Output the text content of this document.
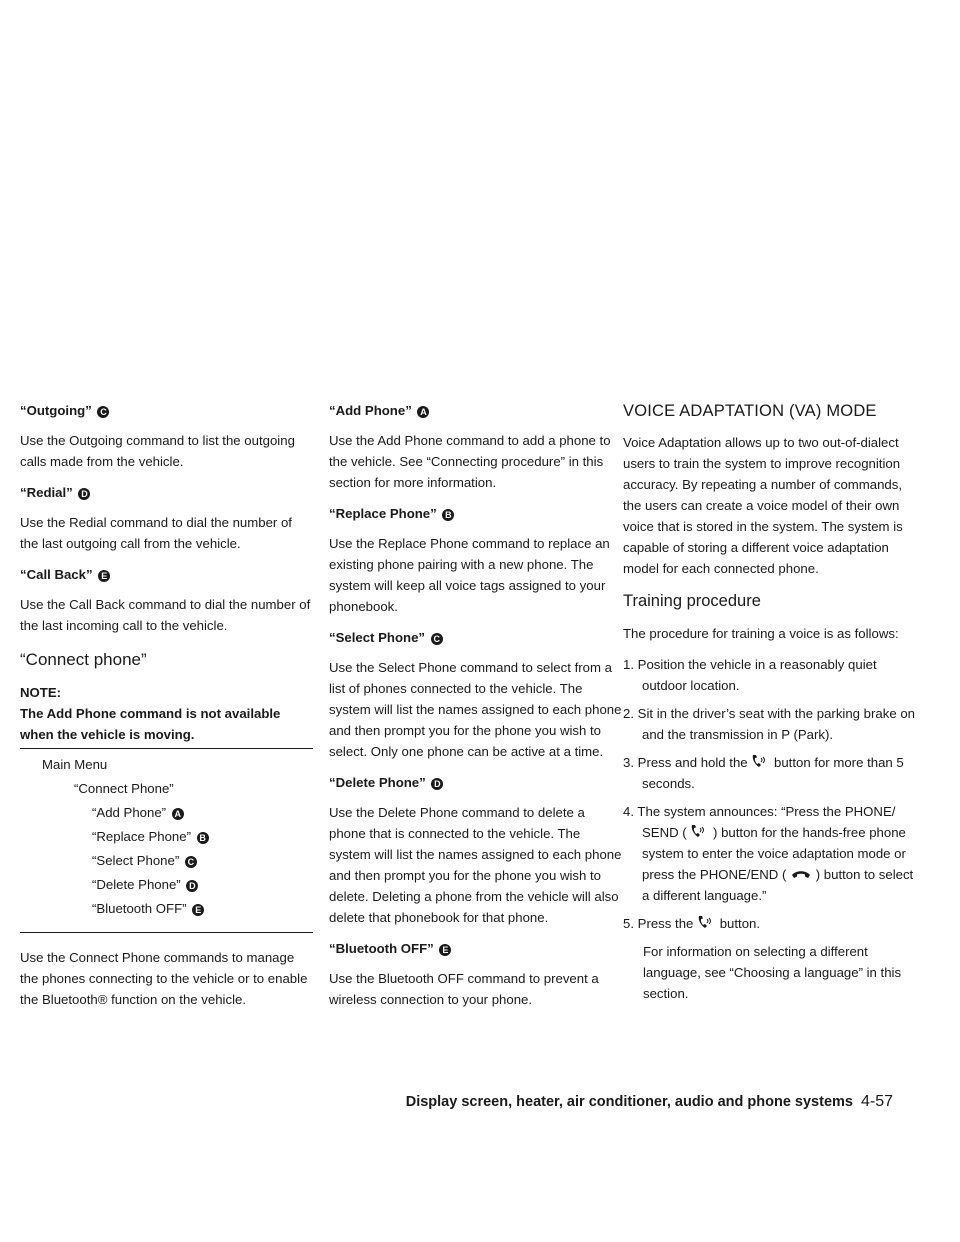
“Outgoing” C

Use the Outgoing command to list the outgoing calls made from the vehicle.

“Redial” D

Use the Redial command to dial the number of the last outgoing call from the vehicle.

“Call Back” E

Use the Call Back command to dial the number of the last incoming call to the vehicle.

“Connect phone”
NOTE:
The Add Phone command is not available when the vehicle is moving.
Main Menu
“Connect Phone”
“Add Phone” A
“Replace Phone” B
“Select Phone” C
“Delete Phone” D
“Bluetooth OFF” E

Use the Connect Phone commands to manage the phones connecting to the vehicle or to enable the Bluetooth® function on the vehicle.

“Add Phone” A

Use the Add Phone command to add a phone to the vehicle. See “Connecting procedure” in this section for more information.

“Replace Phone” B

Use the Replace Phone command to replace an existing phone pairing with a new phone. The system will keep all voice tags assigned to your phonebook.

“Select Phone” C

Use the Select Phone command to select from a list of phones connected to the vehicle. The system will list the names assigned to each phone and then prompt you for the phone you wish to select. Only one phone can be active at a time.

“Delete Phone” D

Use the Delete Phone command to delete a phone that is connected to the vehicle. The system will list the names assigned to each phone and then prompt you for the phone you wish to delete. Deleting a phone from the vehicle will also delete that phonebook for that phone.

“Bluetooth OFF” E

Use the Bluetooth OFF command to prevent a wireless connection to your phone.

VOICE ADAPTATION (VA) MODE

Voice Adaptation allows up to two out-of-dialect users to train the system to improve recognition accuracy. By repeating a number of commands, the users can create a voice model of their own voice that is stored in the system. The system is capable of storing a different voice adaptation model for each connected phone.

Training procedure

The procedure for training a voice is as follows:

1. Position the vehicle in a reasonably quiet outdoor location.
2. Sit in the driver’s seat with the parking brake on and the transmission in P (Park).
3. Press and hold the button for more than 5 seconds.
4. The system announces: “Press the PHONE/ SEND ( ) button for the hands-free phone system to enter the voice adaptation mode or press the PHONE/END ( ) button to select a different language.”
5. Press the button.

For information on selecting a different language, see “Choosing a language” in this section.

Display screen, heater, air conditioner, audio and phone systems 4-57
